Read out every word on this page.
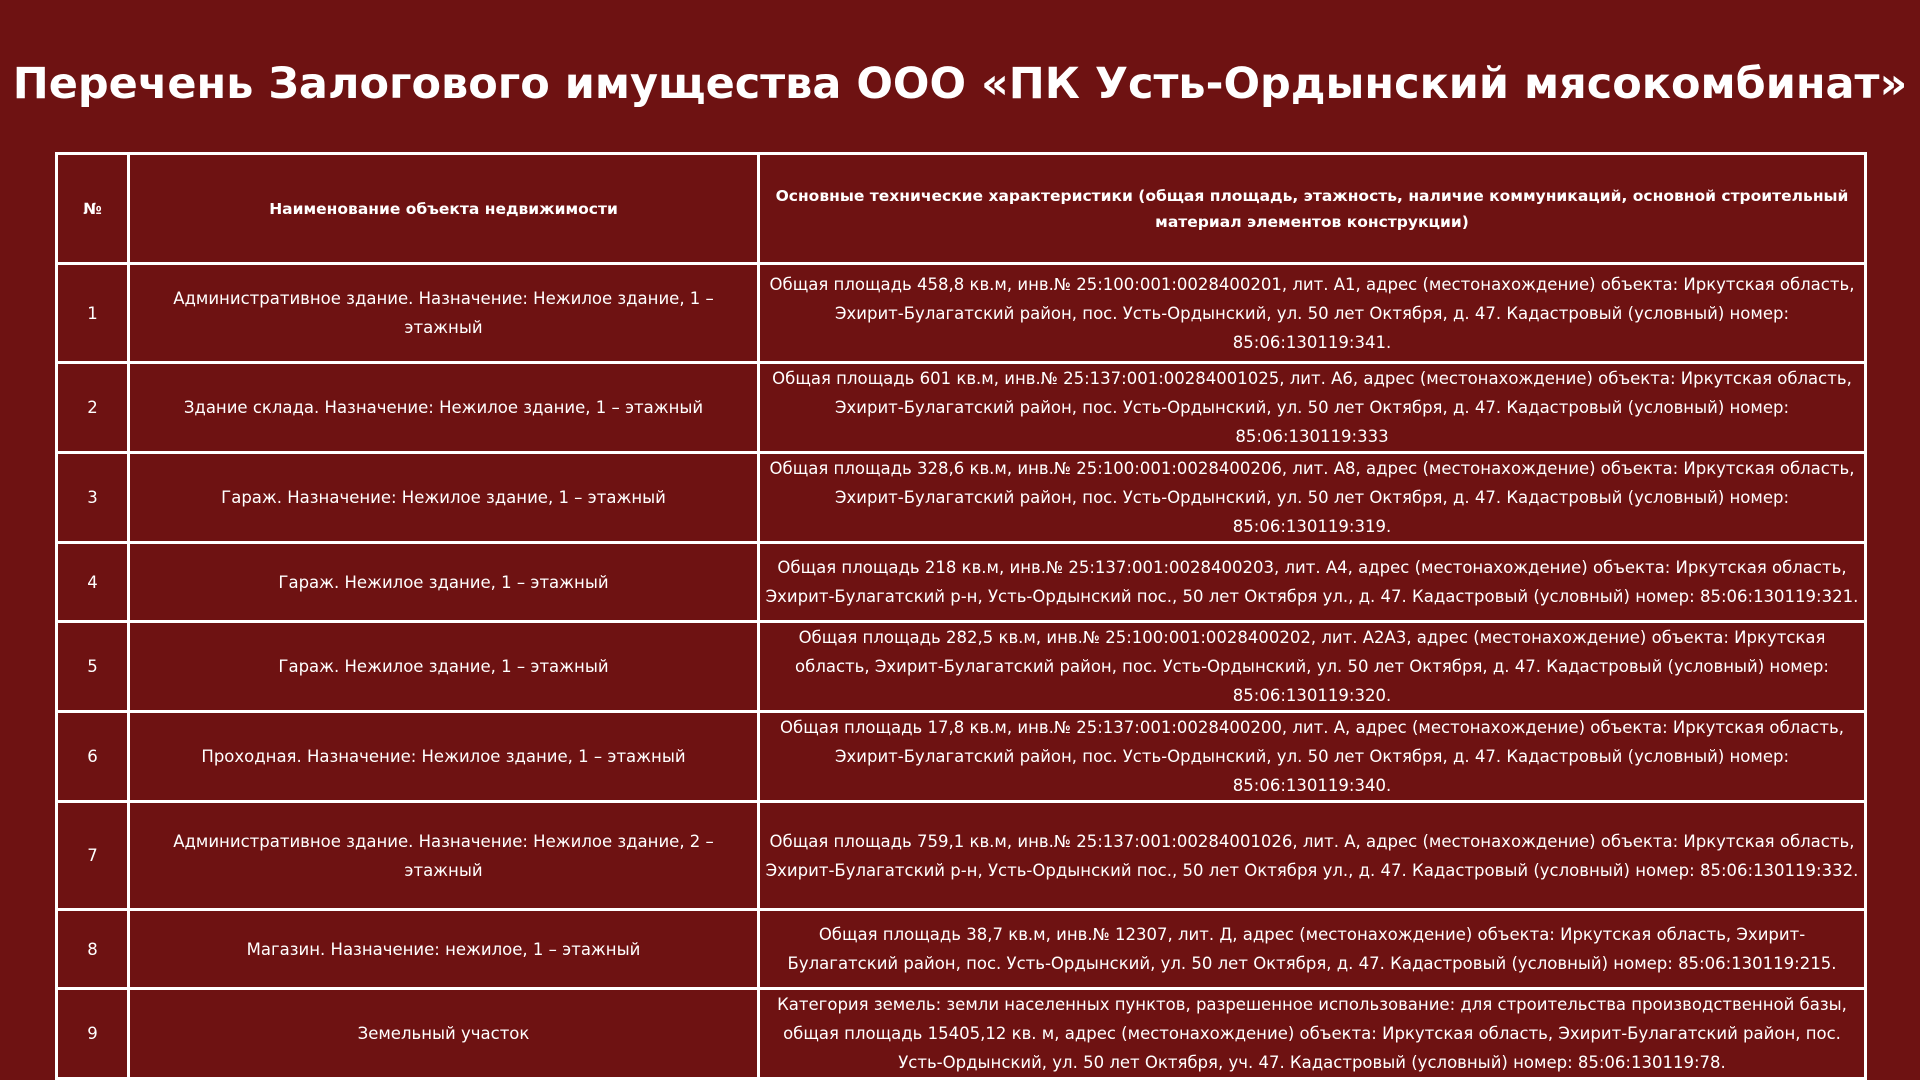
Перечень Залогового имущества ООО «ПК Усть-Ордынский мясокомбинат»
№	Наименование объекта недвижимости	Основные технические характеристики (общая площадь, этажность, наличие коммуникаций, основной строительный материал элементов конструкции)
1	Административное здание. Назначение: Нежилое здание, 1 – этажный	Общая площадь 458,8 кв.м, инв.№ 25:100:001:0028400201, лит. А1, адрес (местонахождение) объекта: Иркутская область, Эхирит-Булагатский район, пос. Усть-Ордынский, ул. 50 лет Октября, д. 47. Кадастровый (условный) номер: 85:06:130119:341.
2	Здание склада. Назначение: Нежилое здание, 1 – этажный	Общая площадь 601 кв.м, инв.№ 25:137:001:00284001025, лит. А6, адрес (местонахождение) объекта: Иркутская область, Эхирит-Булагатский район, пос. Усть-Ордынский, ул. 50 лет Октября, д. 47. Кадастровый (условный) номер: 85:06:130119:333
3	Гараж. Назначение: Нежилое здание, 1 – этажный	Общая площадь 328,6 кв.м, инв.№ 25:100:001:0028400206, лит. А8, адрес (местонахождение) объекта: Иркутская область, Эхирит-Булагатский район, пос. Усть-Ордынский, ул. 50 лет Октября, д. 47. Кадастровый (условный) номер: 85:06:130119:319.
4	Гараж. Нежилое здание, 1 – этажный	Общая площадь 218 кв.м, инв.№ 25:137:001:0028400203, лит. А4, адрес (местонахождение) объекта: Иркутская область, Эхирит-Булагатский р-н, Усть-Ордынский пос., 50 лет Октября ул., д. 47. Кадастровый (условный) номер: 85:06:130119:321.
5	Гараж. Нежилое здание, 1 – этажный	Общая площадь 282,5 кв.м, инв.№ 25:100:001:0028400202, лит. А2А3, адрес (местонахождение) объекта: Иркутская область, Эхирит-Булагатский район, пос. Усть-Ордынский, ул. 50 лет Октября, д. 47. Кадастровый (условный) номер: 85:06:130119:320.
6	Проходная. Назначение: Нежилое здание, 1 – этажный	Общая площадь 17,8 кв.м, инв.№ 25:137:001:0028400200, лит. А, адрес (местонахождение) объекта: Иркутская область, Эхирит-Булагатский район, пос. Усть-Ордынский, ул. 50 лет Октября, д. 47. Кадастровый (условный) номер: 85:06:130119:340.
7	Административное здание. Назначение: Нежилое здание, 2 – этажный	Общая площадь 759,1 кв.м, инв.№ 25:137:001:00284001026, лит. А, адрес (местонахождение) объекта: Иркутская область, Эхирит-Булагатский р-н, Усть-Ордынский пос., 50 лет Октября ул., д. 47. Кадастровый (условный) номер: 85:06:130119:332.
8	Магазин. Назначение: нежилое, 1 – этажный	Общая площадь 38,7 кв.м, инв.№ 12307, лит. Д, адрес (местонахождение) объекта: Иркутская область, Эхирит-Булагатский район, пос. Усть-Ордынский, ул. 50 лет Октября, д. 47. Кадастровый (условный) номер: 85:06:130119:215.
9	Земельный участок	Категория земель: земли населенных пунктов, разрешенное использование: для строительства производственной базы, общая площадь 15405,12 кв. м, адрес (местонахождение) объекта: Иркутская область, Эхирит-Булагатский район, пос. Усть-Ордынский, ул. 50 лет Октября, уч. 47. Кадастровый (условный) номер: 85:06:130119:78.
